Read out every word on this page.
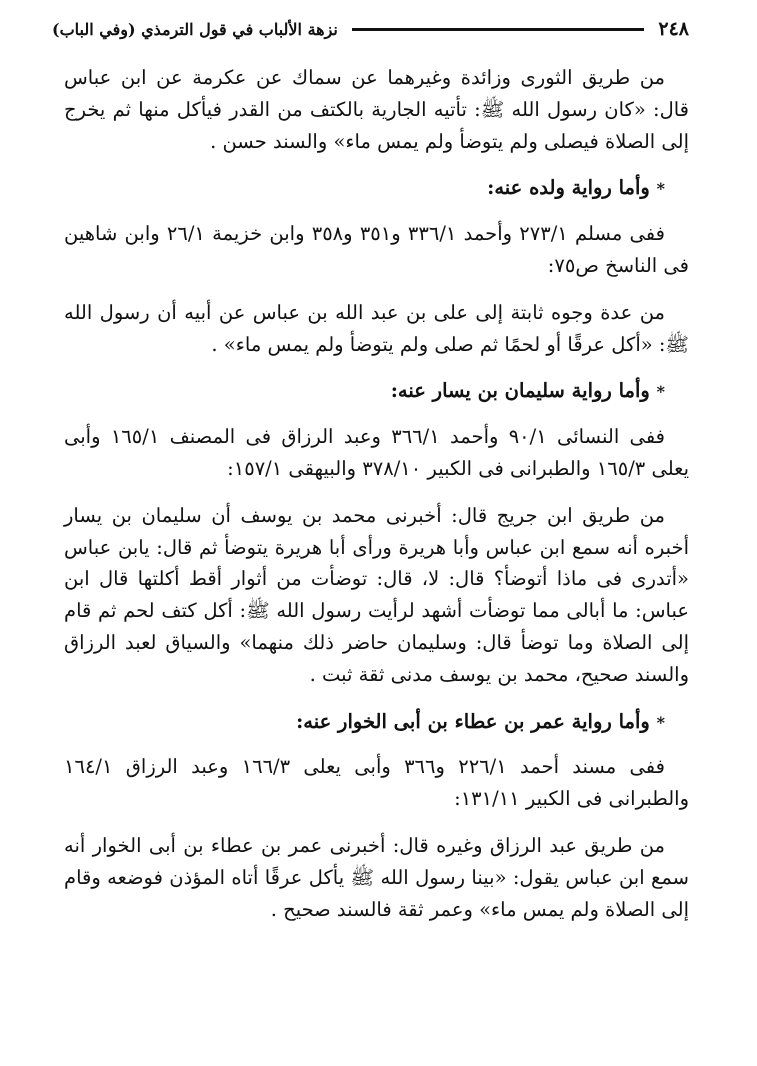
٢٤٨
نزهة الألباب في قول الترمذي (وفي الباب)

من طريق الثورى وزائدة وغيرهما عن سماك عن عكرمة عن ابن عباس قال: «كان رسول الله ﷺ: تأتيه الجارية بالكتف من القدر فيأكل منها ثم يخرج إلى الصلاة فيصلى ولم يتوضأ ولم يمس ماء» والسند حسن .

* وأما رواية ولده عنه:

ففى مسلم ٢٧٣/١ وأحمد ٣٣٦/١ و٣٥١ و٣٥٨ وابن خزيمة ٢٦/١ وابن شاهين فى الناسخ ص٧٥:

من عدة وجوه ثابتة إلى على بن عبد الله بن عباس عن أبيه أن رسول الله ﷺ: «أكل عرقًا أو لحمًا ثم صلى ولم يتوضأ ولم يمس ماء» .

* وأما رواية سليمان بن يسار عنه:

ففى النسائى ٩٠/١ وأحمد ٣٦٦/١ وعبد الرزاق فى المصنف ١٦٥/١ وأبى يعلى ١٦٥/٣ والطبرانى فى الكبير ٣٧٨/١٠ والبيهقى ١٥٧/١:

من طريق ابن جريج قال: أخبرنى محمد بن يوسف أن سليمان بن يسار أخبره أنه سمع ابن عباس وأبا هريرة ورأى أبا هريرة يتوضأ ثم قال: يابن عباس «أتدرى فى ماذا أتوضأ؟ قال: لا، قال: توضأت من أثوار أقط أكلتها قال ابن عباس: ما أبالى مما توضأت أشهد لرأيت رسول الله ﷺ: أكل كتف لحم ثم قام إلى الصلاة وما توضأ قال: وسليمان حاضر ذلك منهما» والسياق لعبد الرزاق والسند صحيح، محمد بن يوسف مدنى ثقة ثبت .

* وأما رواية عمر بن عطاء بن أبى الخوار عنه:

ففى مسند أحمد ٢٢٦/١ و٣٦٦ وأبى يعلى ١٦٦/٣ وعبد الرزاق ١٦٤/١ والطبرانى فى الكبير ١٣١/١١:

من طريق عبد الرزاق وغيره قال: أخبرنى عمر بن عطاء بن أبى الخوار أنه سمع ابن عباس يقول: «بينا رسول الله ﷺ يأكل عرقًا أتاه المؤذن فوضعه وقام إلى الصلاة ولم يمس ماء» وعمر ثقة فالسند صحيح .
